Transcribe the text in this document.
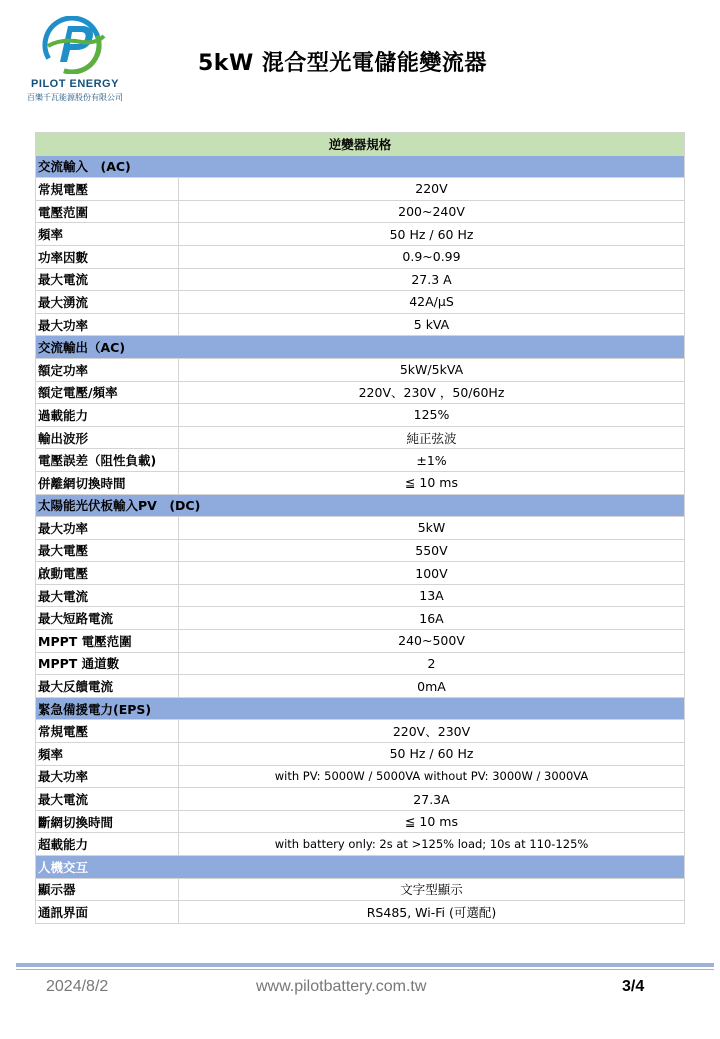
PILOT ENERGY
百樂千瓦能源股份有限公司
5kW 混合型光電儲能變流器
逆變器規格	
交流輸入　(AC)	
常規電壓	220V
電壓范圍	200~240V
頻率	50 Hz / 60 Hz
功率因數	0.9~0.99
最大電流	27.3 A
最大湧流	42A/μS
最大功率	5 kVA
交流輸出（AC)	
額定功率	5kW/5kVA
額定電壓/頻率	220V、230V ，50/60Hz
過載能力	125%
輸出波形	純正弦波
電壓誤差（阻性負載)	±1%
併離網切換時間	≦ 10 ms
太陽能光伏板輸入PV　(DC)	
最大功率	5kW
最大電壓	550V
啟動電壓	100V
最大電流	13A
最大短路電流	16A
MPPT 電壓范圍	240~500V
MPPT 通道數	2
最大反饋電流	0mA
緊急備援電力(EPS)	
常規電壓	220V、230V
頻率	50 Hz / 60 Hz
最大功率	with PV: 5000W / 5000VA without PV: 3000W / 3000VA
最大電流	27.3A
斷網切換時間	≦ 10 ms
超載能力	with battery only: 2s at >125% load; 10s at 110-125%
人機交互	
顯示器	文字型顯示
通訊界面	RS485, Wi-Fi (可選配)
2024/8/2	www.pilotbattery.com.tw	3/4
